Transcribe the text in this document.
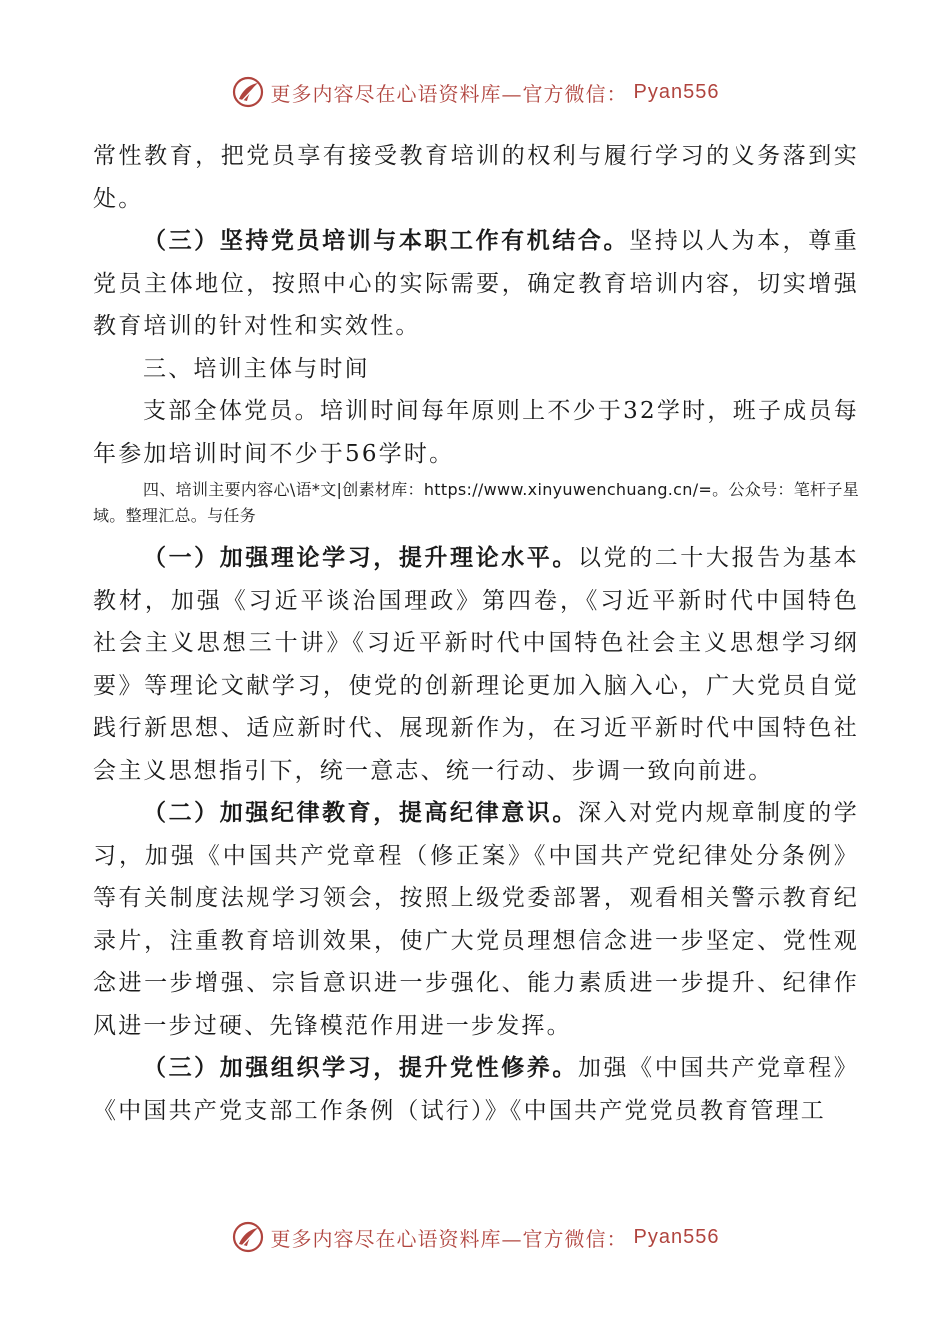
更多内容尽在心语资料库—官方微信： Pyan556

常性教育，把党员享有接受教育培训的权利与履行学习的义务落到实处。

（三）坚持党员培训与本职工作有机结合。坚持以人为本，尊重党员主体地位，按照中心的实际需要，确定教育培训内容，切实增强教育培训的针对性和实效性。

三、培训主体与时间

支部全体党员。培训时间每年原则上不少于32学时，班子成员每年参加培训时间不少于56学时。

四、培训主要内容心\语*文|创素材库：https://www.xinyuwenchuang.cn/=。公众号：笔杆子星域。整理汇总。与任务

（一）加强理论学习，提升理论水平。以党的二十大报告为基本教材，加强《习近平谈治国理政》第四卷，《习近平新时代中国特色社会主义思想三十讲》《习近平新时代中国特色社会主义思想学习纲要》等理论文献学习，使党的创新理论更加入脑入心，广大党员自觉践行新思想、适应新时代、展现新作为，在习近平新时代中国特色社会主义思想指引下，统一意志、统一行动、步调一致向前进。

（二）加强纪律教育，提高纪律意识。深入对党内规章制度的学习，加强《中国共产党章程（修正案》《中国共产党纪律处分条例》等有关制度法规学习领会，按照上级党委部署，观看相关警示教育纪录片，注重教育培训效果，使广大党员理想信念进一步坚定、党性观念进一步增强、宗旨意识进一步强化、能力素质进一步提升、纪律作风进一步过硬、先锋模范作用进一步发挥。

（三）加强组织学习，提升党性修养。加强《中国共产党章程》《中国共产党支部工作条例（试行）》《中国共产党党员教育管理工

更多内容尽在心语资料库—官方微信： Pyan556
